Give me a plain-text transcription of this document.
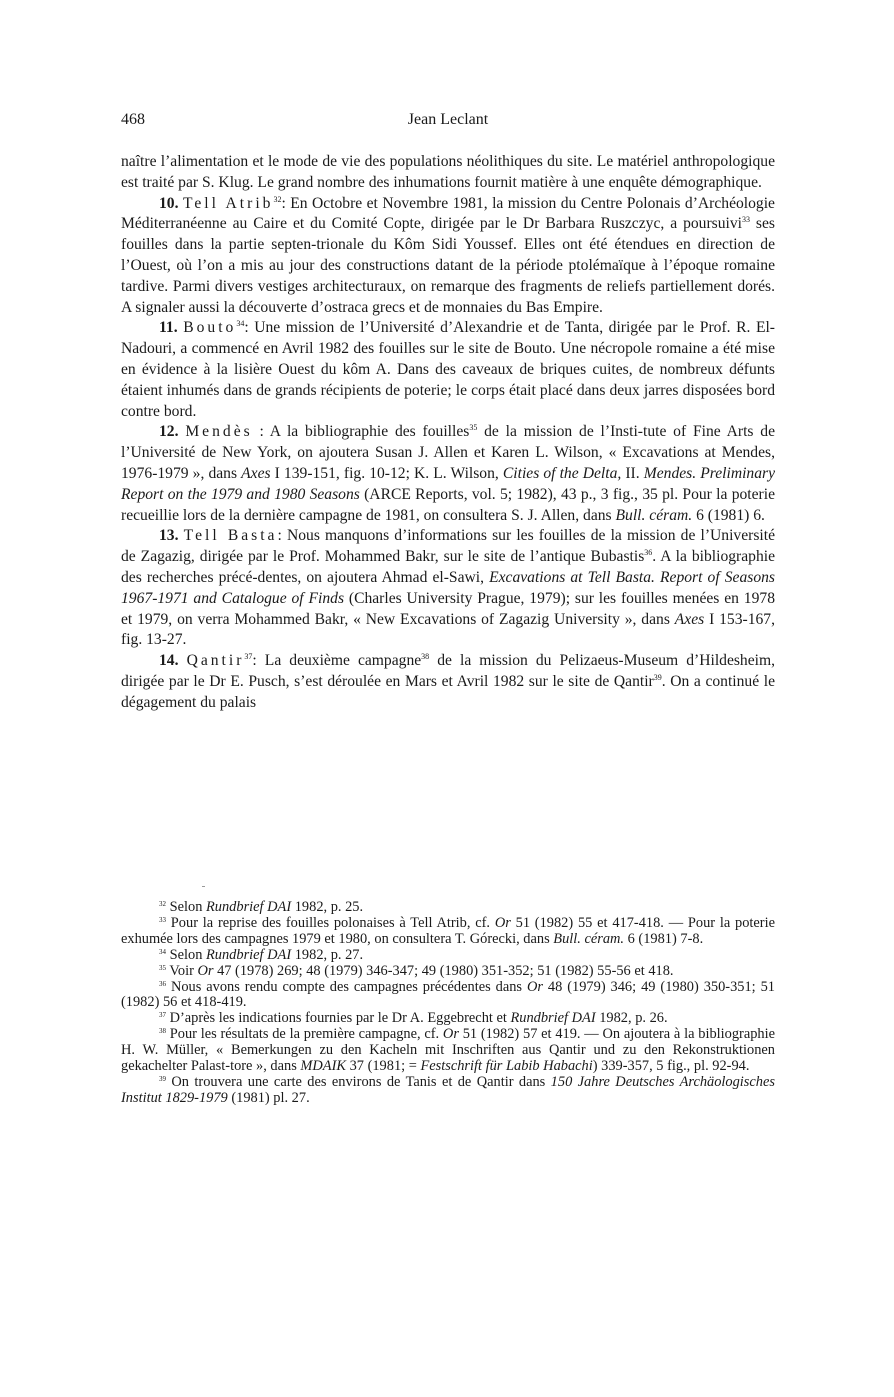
468	Jean Leclant

naître l’alimentation et le mode de vie des populations néolithiques du site. Le matériel anthropologique est traité par S. Klug. Le grand nombre des inhumations fournit matière à une enquête démographique.

10. Tell Atrib$^{32}$: En Octobre et Novembre 1981, la mission du Centre Polonais d’Archéologie Méditerranéenne au Caire et du Comité Copte, dirigée par le Dr Barbara Ruszczyc, a poursuivi$^{33}$ ses fouilles dans la partie septen-trionale du Kôm Sidi Youssef. Elles ont été étendues en direction de l’Ouest, où l’on a mis au jour des constructions datant de la période ptolémaïque à l’époque romaine tardive. Parmi divers vestiges architecturaux, on remarque des fragments de reliefs partiellement dorés. A signaler aussi la découverte d’ostraca grecs et de monnaies du Bas Empire.

11. Bouto$^{34}$: Une mission de l’Université d’Alexandrie et de Tanta, dirigée par le Prof. R. El-Nadouri, a commencé en Avril 1982 des fouilles sur le site de Bouto. Une nécropole romaine a été mise en évidence à la lisière Ouest du kôm A. Dans des caveaux de briques cuites, de nombreux défunts étaient inhumés dans de grands récipients de poterie; le corps était placé dans deux jarres disposées bord contre bord.

12. Mendès : A la bibliographie des fouilles$^{35}$ de la mission de l’Insti-tute of Fine Arts de l’Université de New York, on ajoutera Susan J. Allen et Karen L. Wilson, « Excavations at Mendes, 1976-1979 », dans Axes I 139-151, fig. 10-12; K. L. Wilson, Cities of the Delta, II. Mendes. Preliminary Report on the 1979 and 1980 Seasons (ARCE Reports, vol. 5; 1982), 43 p., 3 fig., 35 pl. Pour la poterie recueillie lors de la dernière campagne de 1981, on consultera S. J. Allen, dans Bull. céram. 6 (1981) 6.

13. Tell Basta: Nous manquons d’informations sur les fouilles de la mission de l’Université de Zagazig, dirigée par le Prof. Mohammed Bakr, sur le site de l’antique Bubastis$^{36}$. A la bibliographie des recherches précé-dentes, on ajoutera Ahmad el-Sawi, Excavations at Tell Basta. Report of Seasons 1967-1971 and Catalogue of Finds (Charles University Prague, 1979); sur les fouilles menées en 1978 et 1979, on verra Mohammed Bakr, « New Excavations of Zagazig University », dans Axes I 153-167, fig. 13-27.

14. Qantir$^{37}$: La deuxième campagne$^{38}$ de la mission du Pelizaeus-Museum d’Hildesheim, dirigée par le Dr E. Pusch, s’est déroulée en Mars et Avril 1982 sur le site de Qantir$^{39}$. On a continué le dégagement du palais

$^{32}$ Selon Rundbrief DAI 1982, p. 25.

$^{33}$ Pour la reprise des fouilles polonaises à Tell Atrib, cf. Or 51 (1982) 55 et 417-418. — Pour la poterie exhumée lors des campagnes 1979 et 1980, on consultera T. Górecki, dans Bull. céram. 6 (1981) 7-8.

$^{34}$ Selon Rundbrief DAI 1982, p. 27.

$^{35}$ Voir Or 47 (1978) 269; 48 (1979) 346-347; 49 (1980) 351-352; 51 (1982) 55-56 et 418.

$^{36}$ Nous avons rendu compte des campagnes précédentes dans Or 48 (1979) 346; 49 (1980) 350-351; 51 (1982) 56 et 418-419.

$^{37}$ D’après les indications fournies par le Dr A. Eggebrecht et Rundbrief DAI 1982, p. 26.

$^{38}$ Pour les résultats de la première campagne, cf. Or 51 (1982) 57 et 419. — On ajoutera à la bibliographie H. W. Müller, « Bemerkungen zu den Kacheln mit Inschriften aus Qantir und zu den Rekonstruktionen gekachelter Palast-tore », dans MDAIK 37 (1981; = Festschrift für Labib Habachi) 339-357, 5 fig., pl. 92-94.

$^{39}$ On trouvera une carte des environs de Tanis et de Qantir dans 150 Jahre Deutsches Archäologisches Institut 1829-1979 (1981) pl. 27.
